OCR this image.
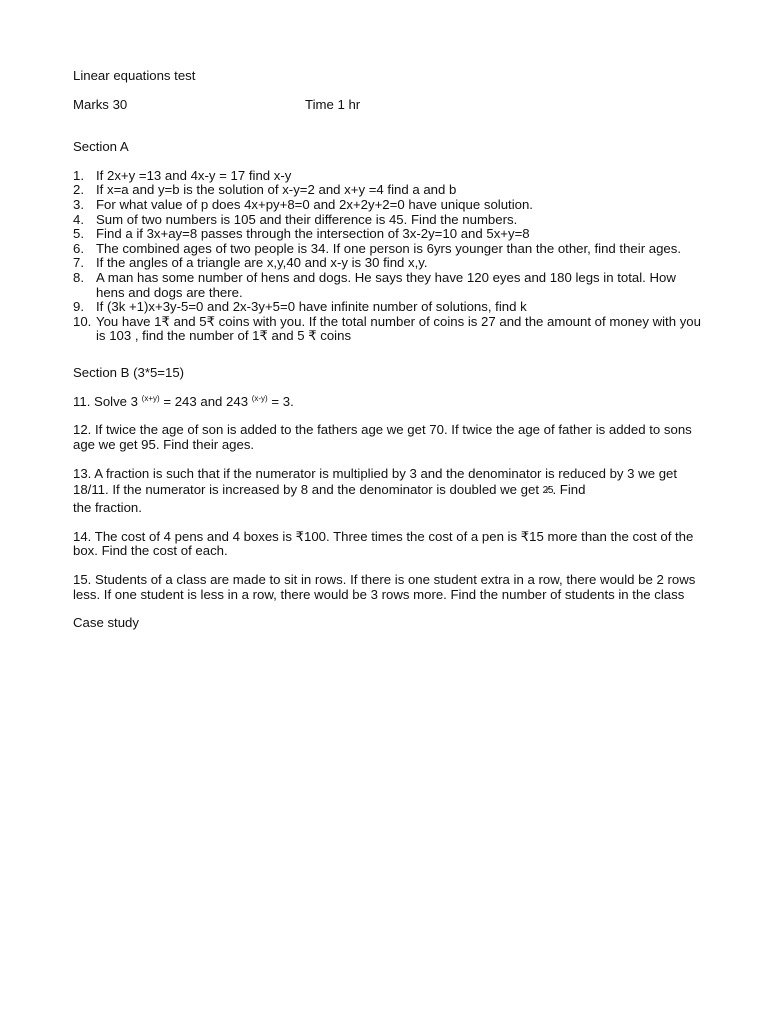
Linear equations test
Marks 30	Time 1 hr
Section A
1. If 2x+y =13 and 4x-y = 17 find x-y
2. If x=a and y=b is the solution of x-y=2 and x+y =4 find a and b
3. For what value of p does 4x+py+8=0 and 2x+2y+2=0 have unique solution.
4. Sum of two numbers is 105 and their difference is 45. Find the numbers.
5. Find a if 3x+ay=8 passes through the intersection of 3x-2y=10 and 5x+y=8
6. The combined ages of two people is 34. If one person is 6yrs younger than the other, find their ages.
7. If the angles of a triangle are x,y,40 and x-y is 30 find x,y.
8. A man has some number of hens and dogs. He says they have 120 eyes and 180 legs in total. How hens and dogs are there.
9. If (3k +1)x+3y-5=0 and 2x-3y+5=0 have infinite number of solutions, find k
10. You have 1₹ and 5₹ coins with you. If the total number of coins is 27 and the amount of money with you is 103 , find the number of 1₹ and 5 ₹ coins
Section B (3*5=15)
11. Solve 3 $^{(x+y)}$ = 243 and 243 $^{(x-y)}$ = 3.
12. If twice the age of son is added to the fathers age we get 70. If twice the age of father is added to sons age we get 95. Find their ages.
13. A fraction is such that if the numerator is multiplied by 3 and the denominator is reduced by 3 we get 18/11. If the numerator is increased by 8 and the denominator is doubled we get 2⁄5. Find
the fraction.
14. The cost of 4 pens and 4 boxes is ₹100. Three times the cost of a pen is ₹15 more than the cost of the box. Find the cost of each.
15. Students of a class are made to sit in rows. If there is one student extra in a row, there would be 2 rows less. If one student is less in a row, there would be 3 rows more. Find the number of students in the class
Case study
